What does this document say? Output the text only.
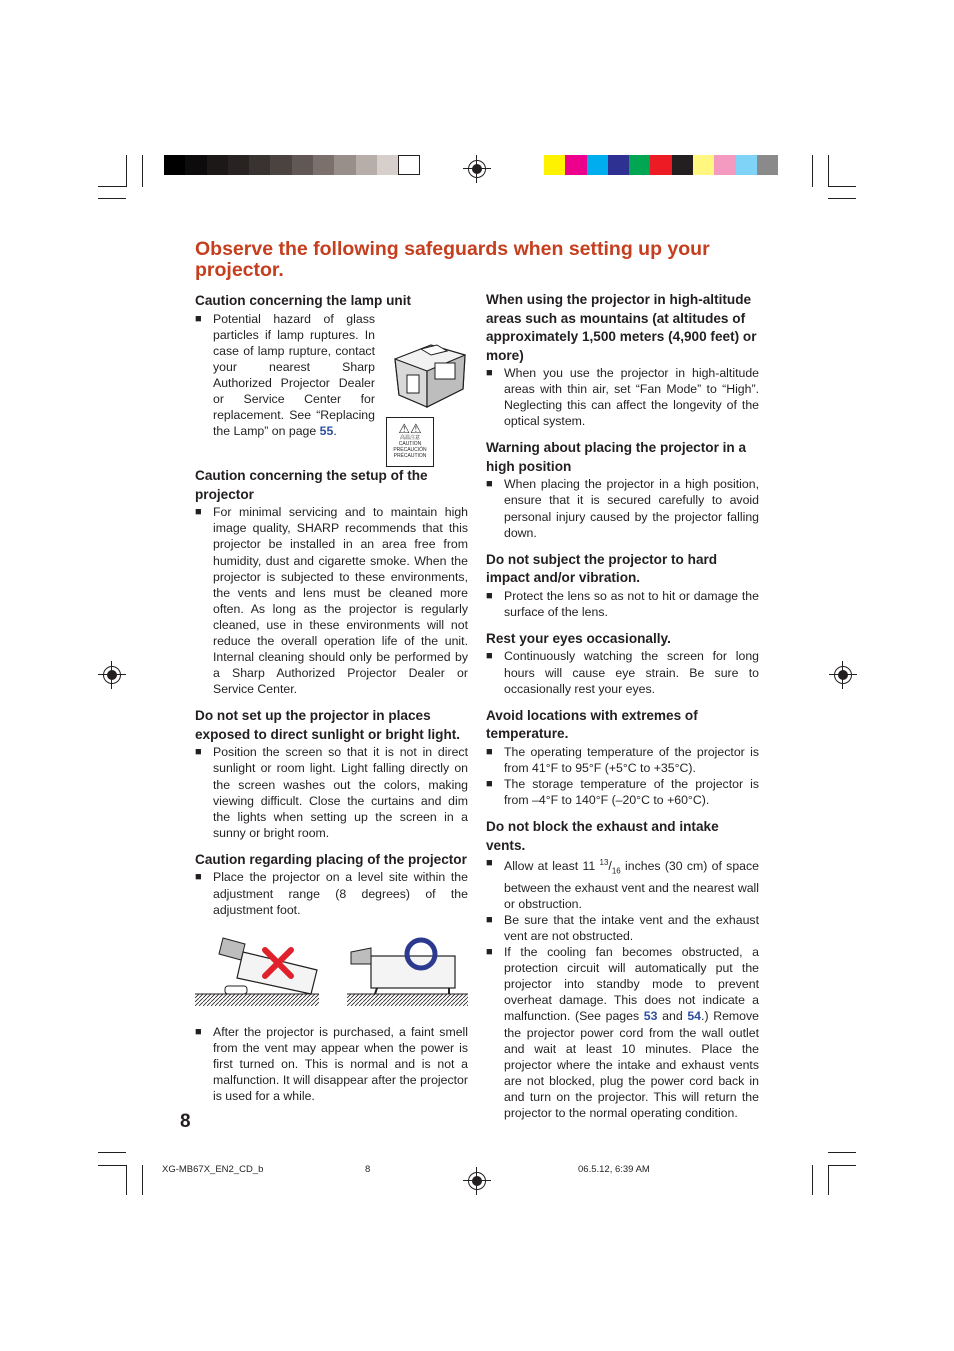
Observe the following safeguards when setting up your projector.

Caution concerning the lamp unit

■ Potential hazard of glass particles if lamp ruptures. In case of lamp rupture, contact your nearest Sharp Authorized Projector Dealer or Service Center for replacement. See “Replacing the Lamp” on page 55.	⚠⚠
高温注意
CAUTION
PRÉCAUCIÓN
PRÉCAUTION

Caution concerning the setup of the projector

■ For minimal servicing and to maintain high image quality, SHARP recommends that this projector be installed in an area free from humidity, dust and cigarette smoke. When the projector is subjected to these environments, the vents and lens must be cleaned more often. As long as the projector is regularly cleaned, use in these environments will not reduce the overall operation life of the unit. Internal cleaning should only be performed by a Sharp Authorized Projector Dealer or Service Center.

Do not set up the projector in places exposed to direct sunlight or bright light.

■ Position the screen so that it is not in direct sunlight or room light. Light falling directly on the screen washes out the colors, making viewing difficult. Close the curtains and dim the lights when setting up the screen in a sunny or bright room.

Caution regarding placing of the projector

■ Place the projector on a level site within the adjustment range (8 degrees) of the adjustment foot.

■ After the projector is purchased, a faint smell from the vent may appear when the power is first turned on. This is normal and is not a malfunction. It will disappear after the projector is used for a while.

When using the projector in high-altitude areas such as mountains (at altitudes of approximately 1,500 meters (4,900 feet) or more)

■ When you use the projector in high-altitude areas with thin air, set “Fan Mode” to “High”. Neglecting this can affect the longevity of the optical system.

Warning about placing the projector in a high position

■ When placing the projector in a high position, ensure that it is secured carefully to avoid personal injury caused by the projector falling down.

Do not subject the projector to hard impact and/or vibration.

■ Protect the lens so as not to hit or damage the surface of the lens.

Rest your eyes occasionally.

■ Continuously watching the screen for long hours will cause eye strain. Be sure to occasionally rest your eyes.

Avoid locations with extremes of temperature.

■ The operating temperature of the projector is from 41°F to 95°F (+5°C to +35°C).

■ The storage temperature of the projector is from –4°F to 140°F (–20°C to +60°C).

Do not block the exhaust and intake vents.

■ Allow at least 11 $^{13}/_{16}$ inches (30 cm) of space between the exhaust vent and the nearest wall or obstruction.

■ Be sure that the intake vent and the exhaust vent are not obstructed.

■ If the cooling fan becomes obstructed, a protection circuit will automatically put the projector into standby mode to prevent overheat damage. This does not indicate a malfunction. (See pages 53 and 54.) Remove the projector power cord from the wall outlet and wait at least 10 minutes. Place the projector where the intake and exhaust vents are not blocked, plug the power cord back in and turn on the projector. This will return the projector to the normal operating condition.

8
XG-MB67X_EN2_CD_b	8	06.5.12, 6:39 AM
